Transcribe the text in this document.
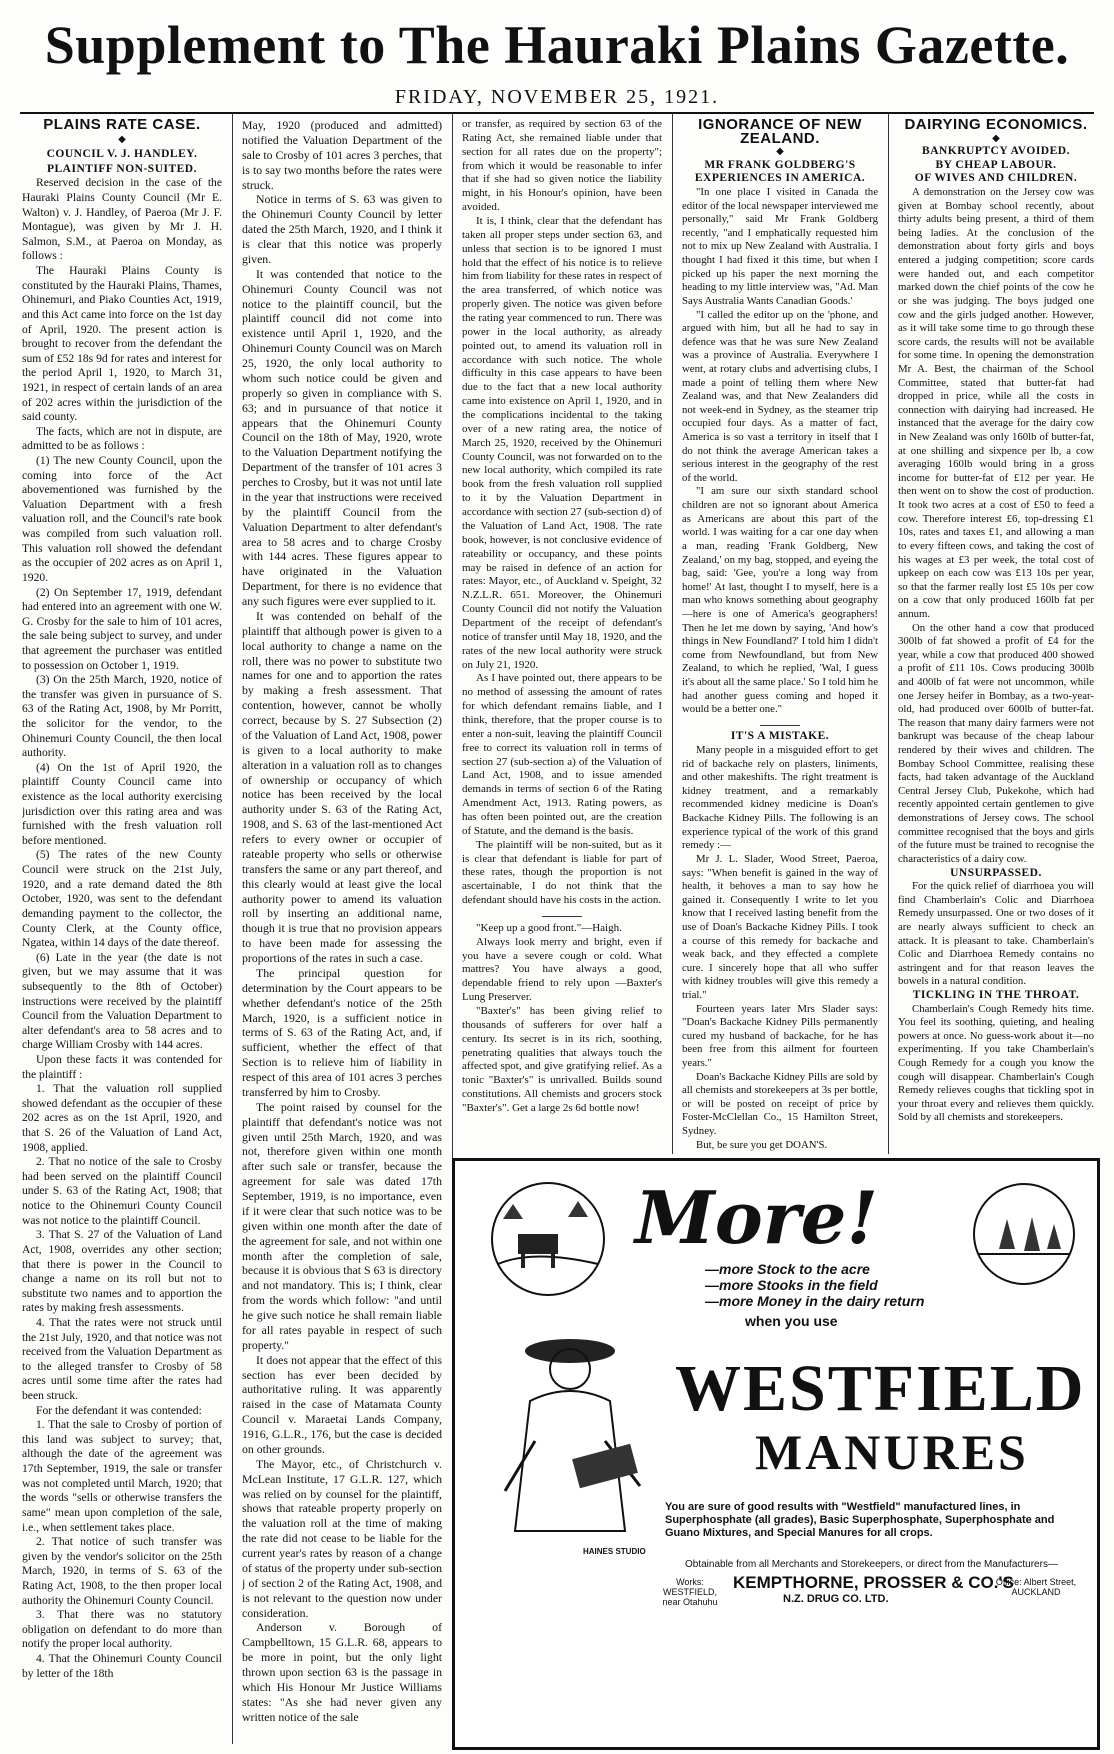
Supplement to The Hauraki Plains Gazette.
FRIDAY, NOVEMBER 25, 1921.

PLAINS RATE CASE.

◆

COUNCIL V. J. HANDLEY.

PLAINTIFF NON-SUITED.

Reserved decision in the case of the Hauraki Plains County Council (Mr E. Walton) v. J. Handley, of Paeroa (Mr J. F. Montague), was given by Mr J. H. Salmon, S.M., at Paeroa on Monday, as follows :

The Hauraki Plains County is constituted by the Hauraki Plains, Thames, Ohinemuri, and Piako Counties Act, 1919, and this Act came into force on the 1st day of April, 1920. The present action is brought to recover from the defendant the sum of £52 18s 9d for rates and interest for the period April 1, 1920, to March 31, 1921, in respect of certain lands of an area of 202 acres within the jurisdiction of the said county.

The facts, which are not in dispute, are admitted to be as follows :

(1) The new County Council, upon the coming into force of the Act abovementioned was furnished by the Valuation Department with a fresh valuation roll, and the Council's rate book was compiled from such valuation roll. This valuation roll showed the defendant as the occupier of 202 acres as on April 1, 1920.

(2) On September 17, 1919, defendant had entered into an agreement with one W. G. Crosby for the sale to him of 101 acres, the sale being subject to survey, and under that agreement the purchaser was entitled to possession on October 1, 1919.

(3) On the 25th March, 1920, notice of the transfer was given in pursuance of S. 63 of the Rating Act, 1908, by Mr Porritt, the solicitor for the vendor, to the Ohinemuri County Council, the then local authority.

(4) On the 1st of April 1920, the plaintiff County Council came into existence as the local authority exercising jurisdiction over this rating area and was furnished with the fresh valuation roll before mentioned.

(5) The rates of the new County Council were struck on the 21st July, 1920, and a rate demand dated the 8th October, 1920, was sent to the defendant demanding payment to the collector, the County Clerk, at the County office, Ngatea, within 14 days of the date thereof.

(6) Late in the year (the date is not given, but we may assume that it was subsequently to the 8th of October) instructions were received by the plaintiff Council from the Valuation Department to alter defendant's area to 58 acres and to charge William Crosby with 144 acres.

Upon these facts it was contended for the plaintiff :

1. That the valuation roll supplied showed defendant as the occupier of these 202 acres as on the 1st April, 1920, and that S. 26 of the Valuation of Land Act, 1908, applied.

2. That no notice of the sale to Crosby had been served on the plaintiff Council under S. 63 of the Rating Act, 1908; that notice to the Ohinemuri County Council was not notice to the plaintiff Council.

3. That S. 27 of the Valuation of Land Act, 1908, overrides any other section; that there is power in the Council to change a name on its roll but not to substitute two names and to apportion the rates by making fresh assessments.

4. That the rates were not struck until the 21st July, 1920, and that notice was not received from the Valuation Department as to the alleged transfer to Crosby of 58 acres until some time after the rates had been struck.

For the defendant it was contended:

1. That the sale to Crosby of portion of this land was subject to survey; that, although the date of the agreement was 17th September, 1919, the sale or transfer was not completed until March, 1920; that the words "sells or otherwise transfers the same" mean upon completion of the sale, i.e., when settlement takes place.

2. That notice of such transfer was given by the vendor's solicitor on the 25th March, 1920, in terms of S. 63 of the Rating Act, 1908, to the then proper local authority the Ohinemuri County Council.

3. That there was no statutory obligation on defendant to do more than notify the proper local authority.

4. That the Ohinemuri County Council by letter of the 18th

May, 1920 (produced and admitted) notified the Valuation Department of the sale to Crosby of 101 acres 3 perches, that is to say two months before the rates were struck.

Notice in terms of S. 63 was given to the Ohinemuri County Council by letter dated the 25th March, 1920, and I think it is clear that this notice was properly given.

It was contended that notice to the Ohinemuri County Council was not notice to the plaintiff council, but the plaintiff council did not come into existence until April 1, 1920, and the Ohinemuri County Council was on March 25, 1920, the only local authority to whom such notice could be given and properly so given in compliance with S. 63; and in pursuance of that notice it appears that the Ohinemuri County Council on the 18th of May, 1920, wrote to the Valuation Department notifying the Department of the transfer of 101 acres 3 perches to Crosby, but it was not until late in the year that instructions were received by the plaintiff Council from the Valuation Department to alter defendant's area to 58 acres and to charge Crosby with 144 acres. These figures appear to have originated in the Valuation Department, for there is no evidence that any such figures were ever supplied to it.

It was contended on behalf of the plaintiff that although power is given to a local authority to change a name on the roll, there was no power to substitute two names for one and to apportion the rates by making a fresh assessment. That contention, however, cannot be wholly correct, because by S. 27 Subsection (2) of the Valuation of Land Act, 1908, power is given to a local authority to make alteration in a valuation roll as to changes of ownership or occupancy of which notice has been received by the local authority under S. 63 of the Rating Act, 1908, and S. 63 of the last-mentioned Act refers to every owner or occupier of rateable property who sells or otherwise transfers the same or any part thereof, and this clearly would at least give the local authority power to amend its valuation roll by inserting an additional name, though it is true that no provision appears to have been made for assessing the proportions of the rates in such a case.

The principal question for determination by the Court appears to be whether defendant's notice of the 25th March, 1920, is a sufficient notice in terms of S. 63 of the Rating Act, and, if sufficient, whether the effect of that Section is to relieve him of liability in respect of this area of 101 acres 3 perches transferred by him to Crosby.

The point raised by counsel for the plaintiff that defendant's notice was not given until 25th March, 1920, and was not, therefore given within one month after such sale or transfer, because the agreement for sale was dated 17th September, 1919, is no importance, even if it were clear that such notice was to be given within one month after the date of the agreement for sale, and not within one month after the completion of sale, because it is obvious that S 63 is directory and not mandatory. This is; I think, clear from the words which follow: "and until he give such notice he shall remain liable for all rates payable in respect of such property."

It does not appear that the effect of this section has ever been decided by authoritative ruling. It was apparently raised in the case of Matamata County Council v. Maraetai Lands Company, 1916, G.L.R., 176, but the case is decided on other grounds.

The Mayor, etc., of Christchurch v. McLean Institute, 17 G.L.R. 127, which was relied on by counsel for the plaintiff, shows that rateable property properly on the valuation roll at the time of making the rate did not cease to be liable for the current year's rates by reason of a change of status of the property under sub-section j of section 2 of the Rating Act, 1908, and is not relevant to the question now under consideration.

Anderson v. Borough of Campbelltown, 15 G.L.R. 68, appears to be more in point, but the only light thrown upon section 63 is the passage in which His Honour Mr Justice Williams states: "As she had never given any written notice of the sale

or transfer, as required by section 63 of the Rating Act, she remained liable under that section for all rates due on the property"; from which it would be reasonable to infer that if she had so given notice the liability might, in his Honour's opinion, have been avoided.

It is, I think, clear that the defendant has taken all proper steps under section 63, and unless that section is to be ignored I must hold that the effect of his notice is to relieve him from liability for these rates in respect of the area transferred, of which notice was properly given. The notice was given before the rating year commenced to run. There was power in the local authority, as already pointed out, to amend its valuation roll in accordance with such notice. The whole difficulty in this case appears to have been due to the fact that a new local authority came into existence on April 1, 1920, and in the complications incidental to the taking over of a new rating area, the notice of March 25, 1920, received by the Ohinemuri County Council, was not forwarded on to the new local authority, which compiled its rate book from the fresh valuation roll supplied to it by the Valuation Department in accordance with section 27 (sub-section d) of the Valuation of Land Act, 1908. The rate book, however, is not conclusive evidence of rateability or occupancy, and these points may be raised in defence of an action for rates: Mayor, etc., of Auckland v. Speight, 32 N.Z.L.R. 651. Moreover, the Ohinemuri County Council did not notify the Valuation Department of the receipt of defendant's notice of transfer until May 18, 1920, and the rates of the new local authority were struck on July 21, 1920.

As I have pointed out, there appears to be no method of assessing the amount of rates for which defendant remains liable, and I think, therefore, that the proper course is to enter a non-suit, leaving the plaintiff Council free to correct its valuation roll in terms of section 27 (sub-section a) of the Valuation of Land Act, 1908, and to issue amended demands in terms of section 6 of the Rating Amendment Act, 1913. Rating powers, as has often been pointed out, are the creation of Statute, and the demand is the basis.

The plaintiff will be non-suited, but as it is clear that defendant is liable for part of these rates, though the proportion is not ascertainable, I do not think that the defendant should have his costs in the action.

"Keep up a good front."—Haigh.

Always look merry and bright, even if you have a severe cough or cold. What mattres? You have always a good, dependable friend to rely upon —Baxter's Lung Preserver.

"Baxter's" has been giving relief to thousands of sufferers for over half a century. Its secret is in its rich, soothing, penetrating qualities that always touch the affected spot, and give gratifying relief. As a tonic "Baxter's" is unrivalled. Builds sound constitutions. All chemists and grocers stock "Baxter's". Get a large 2s 6d bottle now!

IGNORANCE OF NEW ZEALAND.

◆

MR FRANK GOLDBERG'S EXPERIENCES IN AMERICA.

"In one place I visited in Canada the editor of the local newspaper interviewed me personally," said Mr Frank Goldberg recently, "and I emphatically requested him not to mix up New Zealand with Australia. I thought I had fixed it this time, but when I picked up his paper the next morning the heading to my little interview was, "Ad. Man Says Australia Wants Canadian Goods.'

"I called the editor up on the 'phone, and argued with him, but all he had to say in defence was that he was sure New Zealand was a province of Australia. Everywhere I went, at rotary clubs and advertising clubs, I made a point of telling them where New Zealand was, and that New Zealanders did not week-end in Sydney, as the steamer trip occupied four days. As a matter of fact, America is so vast a territory in itself that I do not think the average American takes a serious interest in the geography of the rest of the world.

"I am sure our sixth standard school children are not so ignorant about America as Americans are about this part of the world. I was waiting for a car one day when a man, reading 'Frank Goldberg, New Zealand,' on my bag, stopped, and eyeing the bag, said: 'Gee, you're a long way from home!' At last, thought I to myself, here is a man who knows something about geography—here is one of America's geographers! Then he let me down by saying, 'And how's things in New Foundland?' I told him I didn't come from Newfoundland, but from New Zealand, to which he replied, 'Wal, I guess it's about all the same place.' So I told him he had another guess coming and hoped it would be a better one."

IT'S A MISTAKE.

Many people in a misguided effort to get rid of backache rely on plasters, liniments, and other makeshifts. The right treatment is kidney treatment, and a remarkably recommended kidney medicine is Doan's Backache Kidney Pills. The following is an experience typical of the work of this grand remedy :—

Mr J. L. Slader, Wood Street, Paeroa, says: "When benefit is gained in the way of health, it behoves a man to say how he gained it. Consequently I write to let you know that I received lasting benefit from the use of Doan's Backache Kidney Pills. I took a course of this remedy for backache and weak back, and they effected a complete cure. I sincerely hope that all who suffer with kidney troubles will give this remedy a trial."

Fourteen years later Mrs Slader says: "Doan's Backache Kidney Pills permanently cured my husband of backache, for he has been free from this ailment for fourteen years."

Doan's Backache Kidney Pills are sold by all chemists and storekeepers at 3s per bottle, or will be posted on receipt of price by Foster-McClellan Co., 15 Hamilton Street, Sydney.

But, be sure you get DOAN'S.

DAIRYING ECONOMICS.

◆

BANKRUPTCY AVOIDED.

BY CHEAP LABOUR.

OF WIVES AND CHILDREN.

A demonstration on the Jersey cow was given at Bombay school recently, about thirty adults being present, a third of them being ladies. At the conclusion of the demonstration about forty girls and boys entered a judging competition; score cards were handed out, and each competitor marked down the chief points of the cow he or she was judging. The boys judged one cow and the girls judged another. However, as it will take some time to go through these score cards, the results will not be available for some time. In opening the demonstration Mr A. Best, the chairman of the School Committee, stated that butter-fat had dropped in price, while all the costs in connection with dairying had increased. He instanced that the average for the dairy cow in New Zealand was only 160lb of butter-fat, at one shilling and sixpence per lb, a cow averaging 160lb would bring in a gross income for butter-fat of £12 per year. He then went on to show the cost of production. It took two acres at a cost of £50 to feed a cow. Therefore interest £6, top-dressing £1 10s, rates and taxes £1, and allowing a man to every fifteen cows, and taking the cost of his wages at £3 per week, the total cost of upkeep on each cow was £13 10s per year, so that the farmer really lost £5 10s per cow on a cow that only produced 160lb fat per annum.

On the other hand a cow that produced 300lb of fat showed a profit of £4 for the year, while a cow that produced 400 showed a profit of £11 10s. Cows producing 300lb and 400lb of fat were not uncommon, while one Jersey heifer in Bombay, as a two-year-old, had produced over 600lb of butter-fat. The reason that many dairy farmers were not bankrupt was because of the cheap labour rendered by their wives and children. The Bombay School Committee, realising these facts, had taken advantage of the Auckland Central Jersey Club, Pukekohe, which had recently appointed certain gentlemen to give demonstrations of Jersey cows. The school committee recognised that the boys and girls of the future must be trained to recognise the characteristics of a dairy cow.

UNSURPASSED.

For the quick relief of diarrhoea you will find Chamberlain's Colic and Diarrhoea Remedy unsurpassed. One or two doses of it are nearly always sufficient to check an attack. It is pleasant to take. Chamberlain's Colic and Diarrhoea Remedy contains no astringent and for that reason leaves the bowels in a natural condition.

TICKLING IN THE THROAT.

Chamberlain's Cough Remedy hits time. You feel its soothing, quieting, and healing powers at once. No guess-work about it—no experimenting. If you take Chamberlain's Cough Remedy for a cough you know the cough will disappear. Chamberlain's Cough Remedy relieves coughs that tickling spot in your throat every and relieves them quickly. Sold by all chemists and storekeepers.

More!
—more Stock to the acre
—more Stooks in the field
—more Money in the dairy return
when you use
HAINES STUDIO
WESTFIELD
MANURES
You are sure of good results with "Westfield" manufactured lines, in Superphosphate (all grades), Basic Superphosphate, Superphosphate and Guano Mixtures, and Special Manures for all crops.
Obtainable from all Merchants and Storekeepers, or direct from the Manufacturers—
Works: WESTFIELD, near Otahuhu
KEMPTHORNE, PROSSER & CO.'S
N.Z. DRUG CO. LTD.
Office: Albert Street, AUCKLAND
